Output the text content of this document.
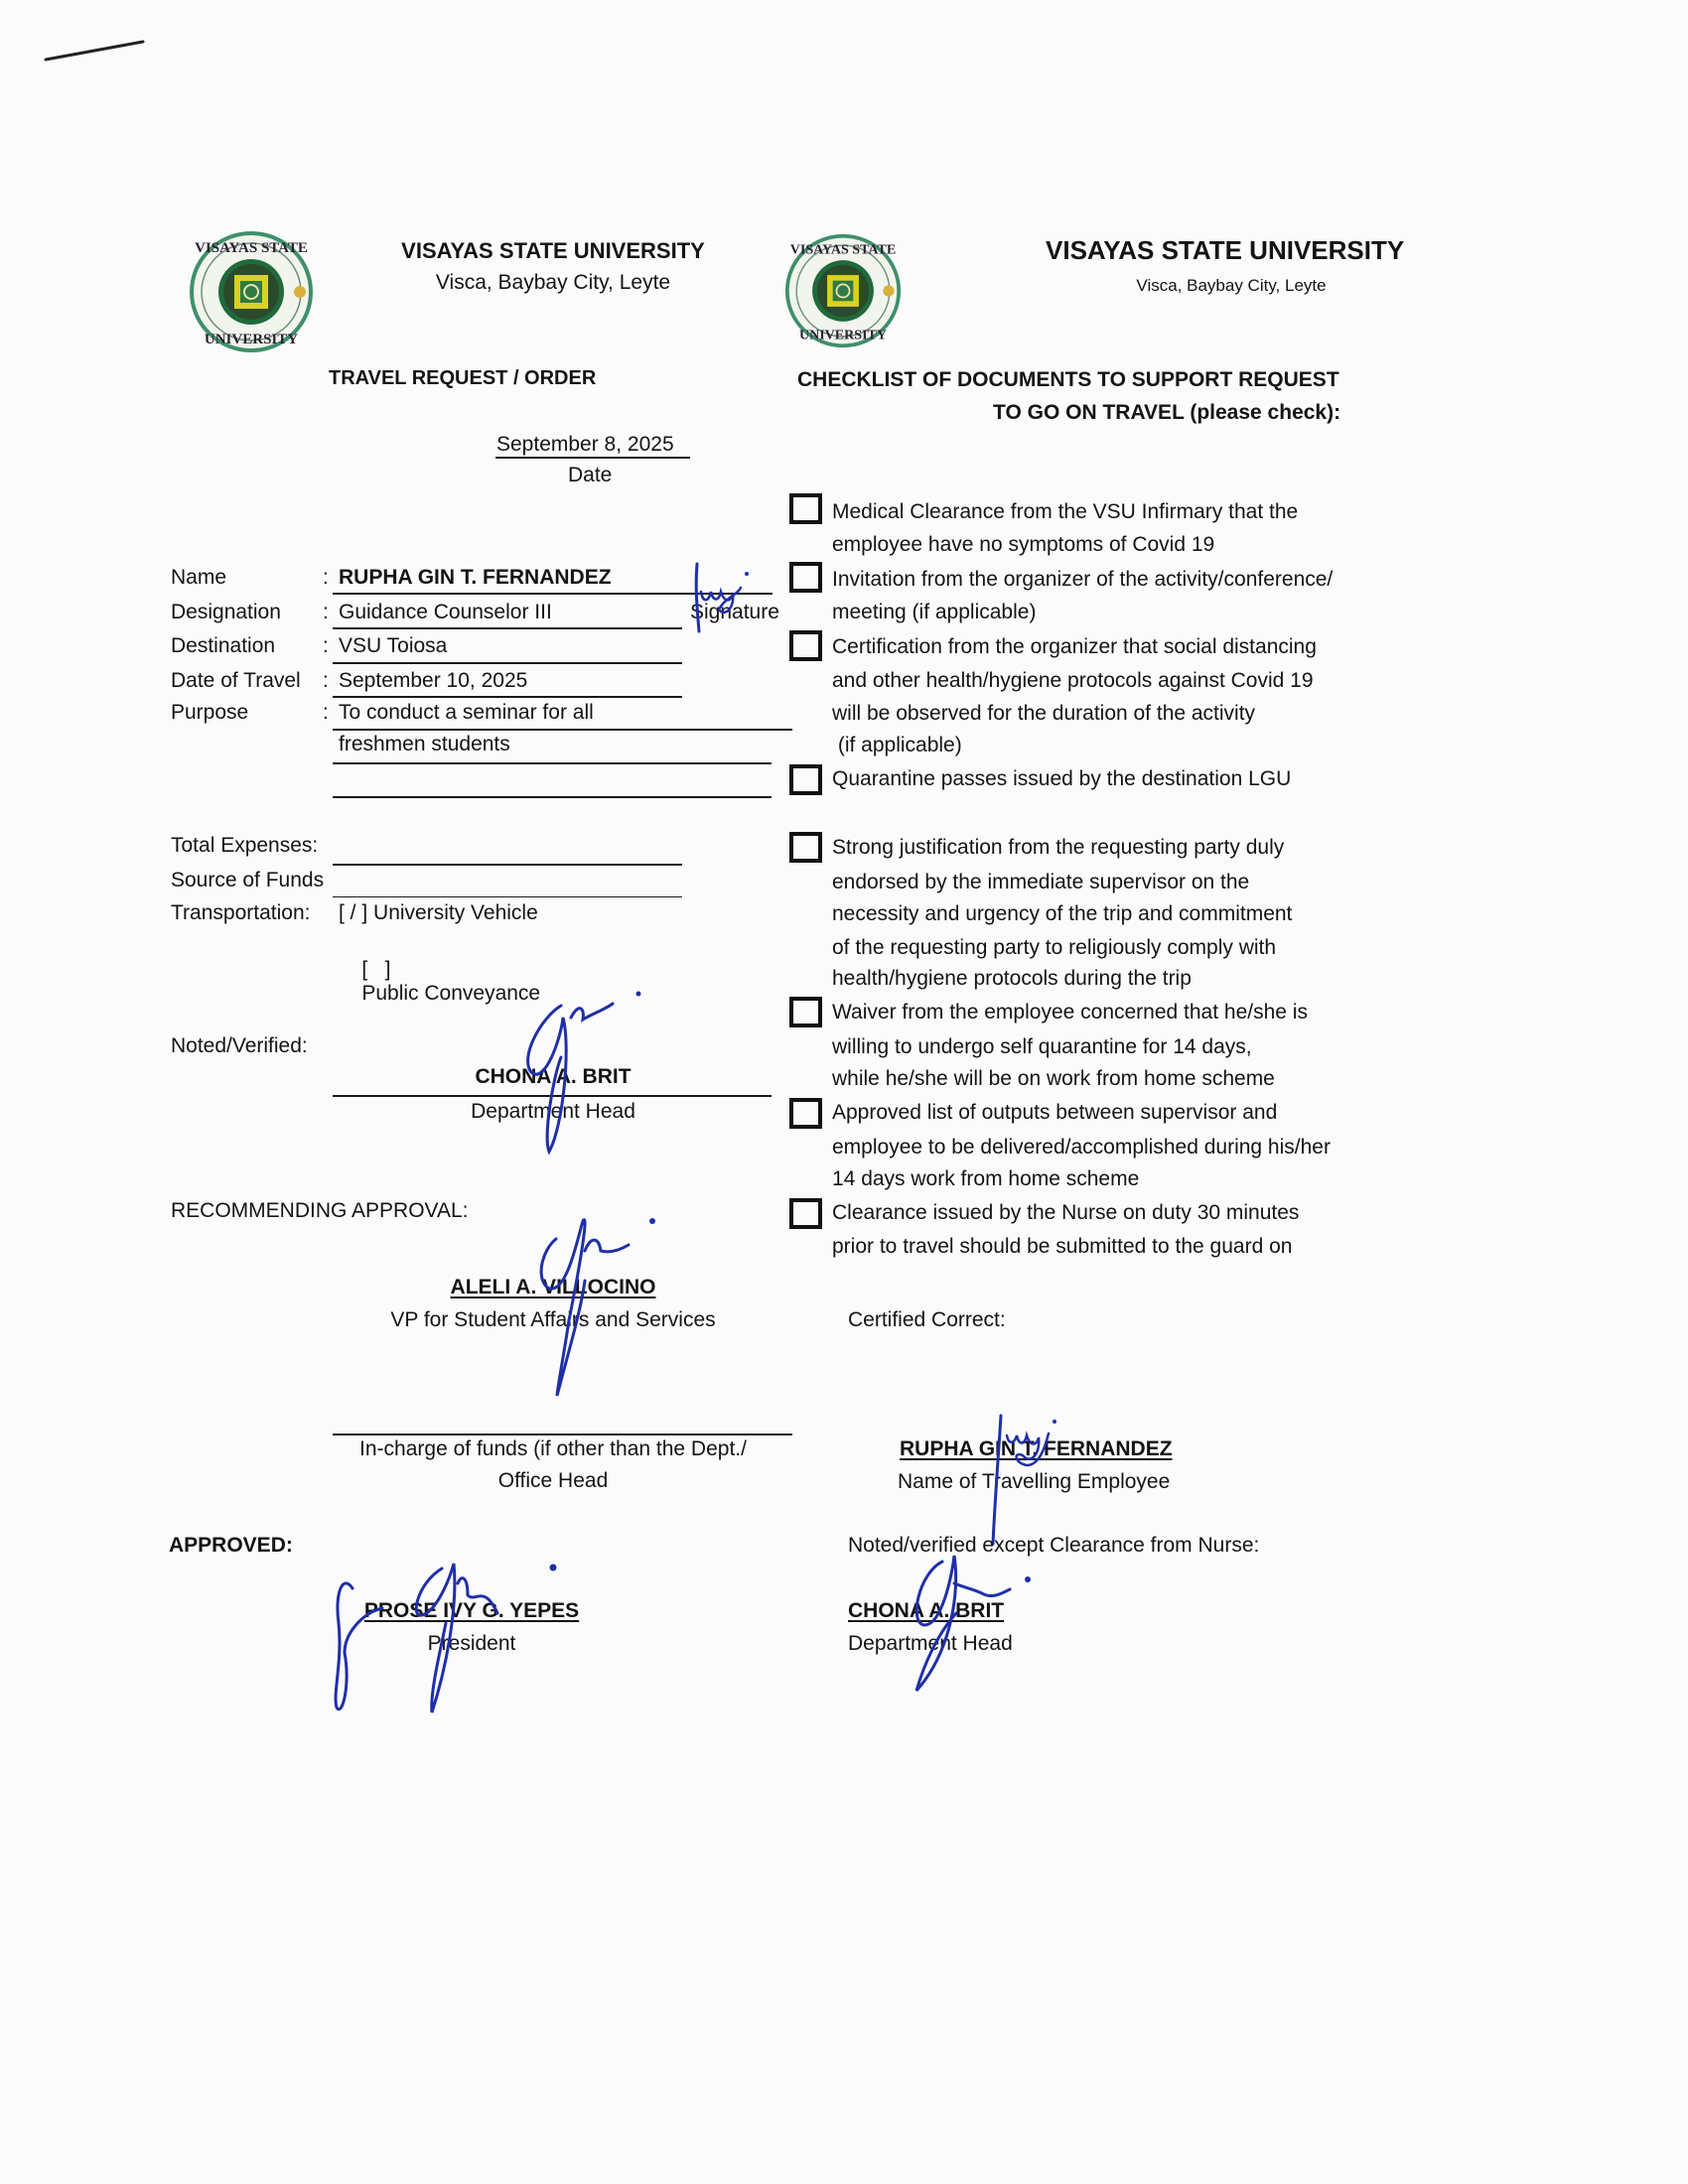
VISAYAS STATE
UNIVERSITY
VISAYAS STATE
UNIVERSITY
VISAYAS STATE UNIVERSITY
Visca, Baybay City, Leyte
TRAVEL REQUEST / ORDER
VISAYAS STATE UNIVERSITY
Visca, Baybay City, Leyte
CHECKLIST OF DOCUMENTS TO SUPPORT REQUEST
TO GO ON TRAVEL (please check):
September 8, 2025
Date
Name	: RUPHA GIN T. FERNANDEZ
Signature
Designation : Guidance Counselor III
Destination : VSU Toiosa
Date of Travel : September 10, 2025
Purpose	: To conduct a seminar for all
freshmen students
Total Expenses:
Source of Funds
Transportation: [ / ] University Vehicle

[   ]
Public Conveyance

Noted/Verified:
CHONA A. BRIT
Department Head
RECOMMENDING APPROVAL:
ALELI A. VILLOCINO
VP for Student Affairs and Services
In-charge of funds (if other than the Dept./
Office Head
APPROVED:
PROSE IVY G. YEPES
President
Medical Clearance from the VSU Infirmary that the
employee have no symptoms of Covid 19
Invitation from the organizer of the activity/conference/
meeting (if applicable)
Certification from the organizer that social distancing
and other health/hygiene protocols against Covid 19
will be observed for the duration of the activity
(if applicable)
Quarantine passes issued by the destination LGU
Strong justification from the requesting party duly
endorsed by the immediate supervisor on the
necessity and urgency of the trip and commitment
of the requesting party to religiously comply with
health/hygiene protocols during the trip
Waiver from the employee concerned that he/she is
willing to undergo self quarantine for 14 days,
while he/she will be on work from home scheme
Approved list of outputs between supervisor and
employee to be delivered/accomplished during his/her
14 days work from home scheme
Clearance issued by the Nurse on duty 30 minutes
prior to travel should be submitted to the guard on
Certified Correct:
RUPHA GIN T. FERNANDEZ
Name of Travelling Employee
Noted/verified except Clearance from Nurse:
CHONA A. BRIT
Department Head
